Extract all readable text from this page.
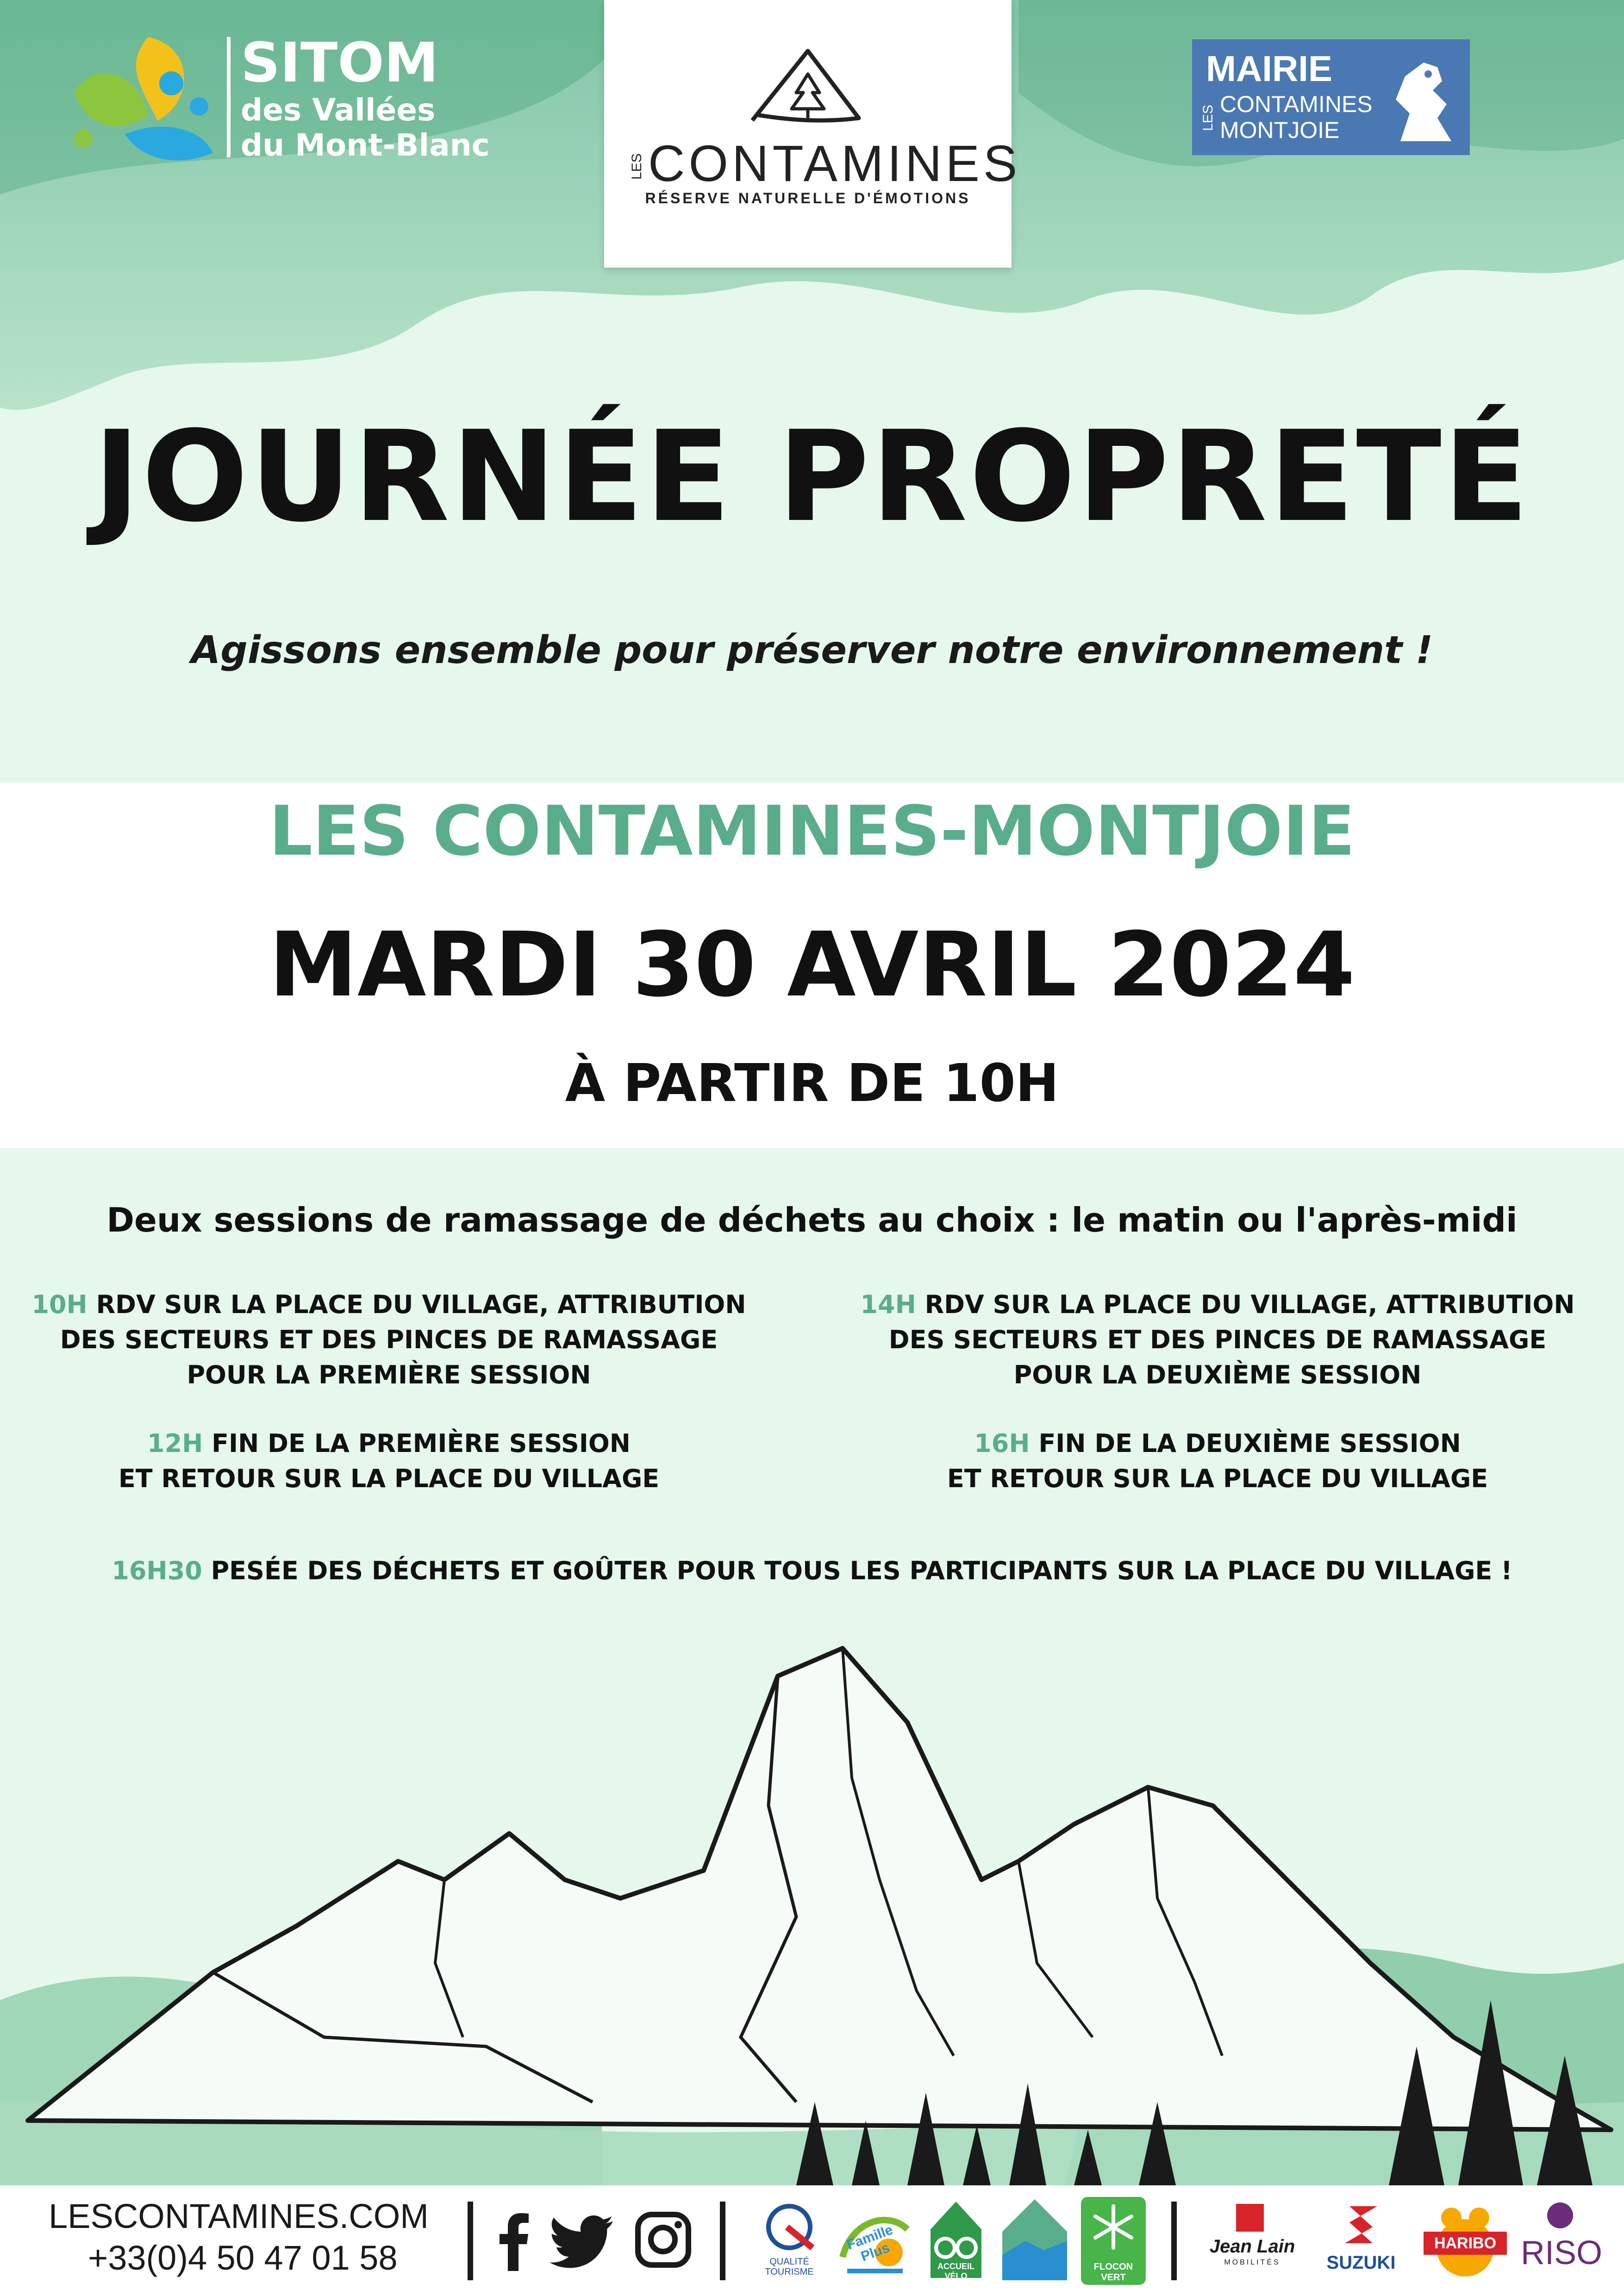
SITOM
des Vallées
du Mont-Blanc
LES CONTAMINES
RÉSERVE NATURELLE D'ÉMOTIONS
MAIRIE
LES
CONTAMINES
MONTJOIE
JOURNÉE PROPRETÉ
Agissons ensemble pour préserver notre environnement !
LES CONTAMINES-MONTJOIE
MARDI 30 AVRIL 2024
À PARTIR DE 10H
Deux sessions de ramassage de déchets au choix : le matin ou l'après-midi
10H RDV SUR LA PLACE DU VILLAGE, ATTRIBUTION
DES SECTEURS ET DES PINCES DE RAMASSAGE
POUR LA PREMIÈRE SESSION
14H RDV SUR LA PLACE DU VILLAGE, ATTRIBUTION
DES SECTEURS ET DES PINCES DE RAMASSAGE
POUR LA DEUXIÈME SESSION
12H FIN DE LA PREMIÈRE SESSION
ET RETOUR SUR LA PLACE DU VILLAGE
16H FIN DE LA DEUXIÈME SESSION
ET RETOUR SUR LA PLACE DU VILLAGE
16H30 PESÉE DES DÉCHETS ET GOÛTER POUR TOUS LES PARTICIPANTS SUR LA PLACE DU VILLAGE !
LESCONTAMINES.COM
+33(0)4 50 47 01 58	QUALITÉ TOURISME
Famille Plus
ACCUEIL VÉLO
FLOCON VERT
Jean Lain
MOBILITÉS	SUZUKI
HARIBO RISO
